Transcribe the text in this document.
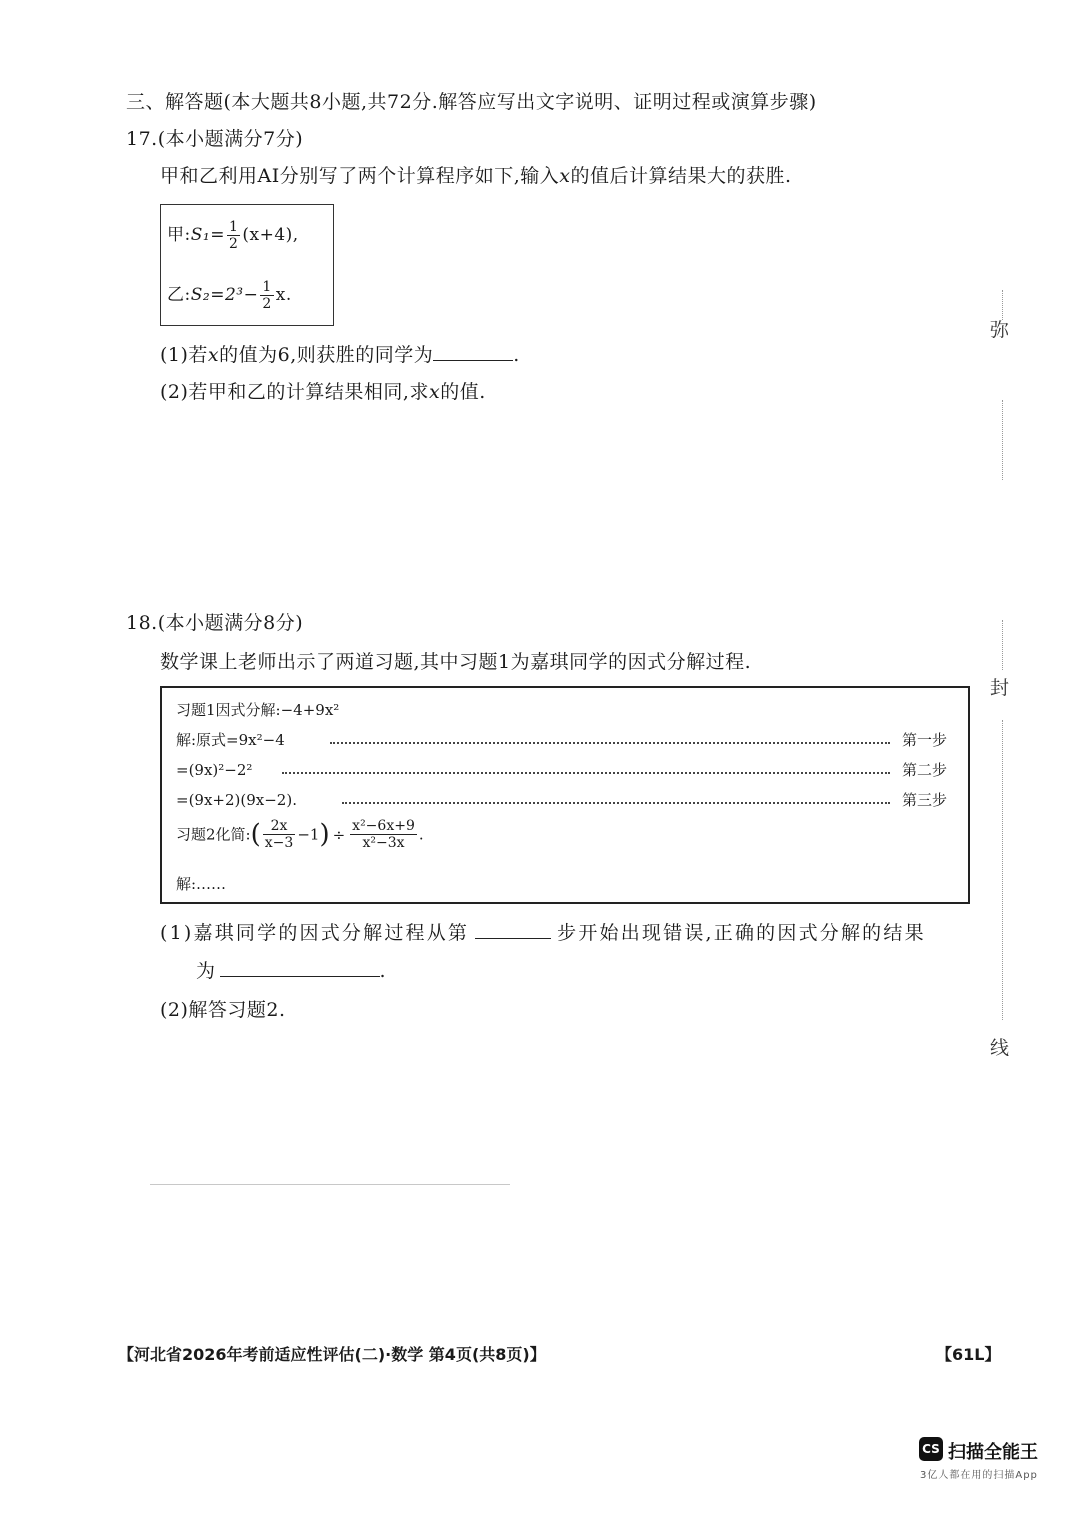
三、解答题(本大题共8小题,共72分.解答应写出文字说明、证明过程或演算步骤)
17.(本小题满分7分)
甲和乙利用AI分别写了两个计算程序如下,输入x的值后计算结果大的获胜.
甲:S₁= $\frac{1}{2} (x+4)$,
乙:S₂=2³− $\frac{1}{2} x$.
(1)若x的值为6,则获胜的同学为	.
(2)若甲和乙的计算结果相同,求x的值.
18.(本小题满分8分)
数学课上老师出示了两道习题,其中习题1为嘉琪同学的因式分解过程.
习题1因式分解:−4+9x²
解:原式=9x²−4	第一步
=(9x)²−2²	第二步
=(9x+2)(9x−2).	第三步
习题2化简:( $\frac{2x}{x-3} -1) \div \frac{\text{x²−6x+9}}{\text{x²−3x}}$ .
解:……
(1)嘉琪同学的因式分解过程从第	步开始出现错误,正确的因式分解的结果
为	.
(2)解答习题2.
弥
封
线
【河北省2026年考前适应性评估(二)·数学 第4页(共8页)】	【61L】
CS 扫描全能王
3亿人都在用的扫描App
